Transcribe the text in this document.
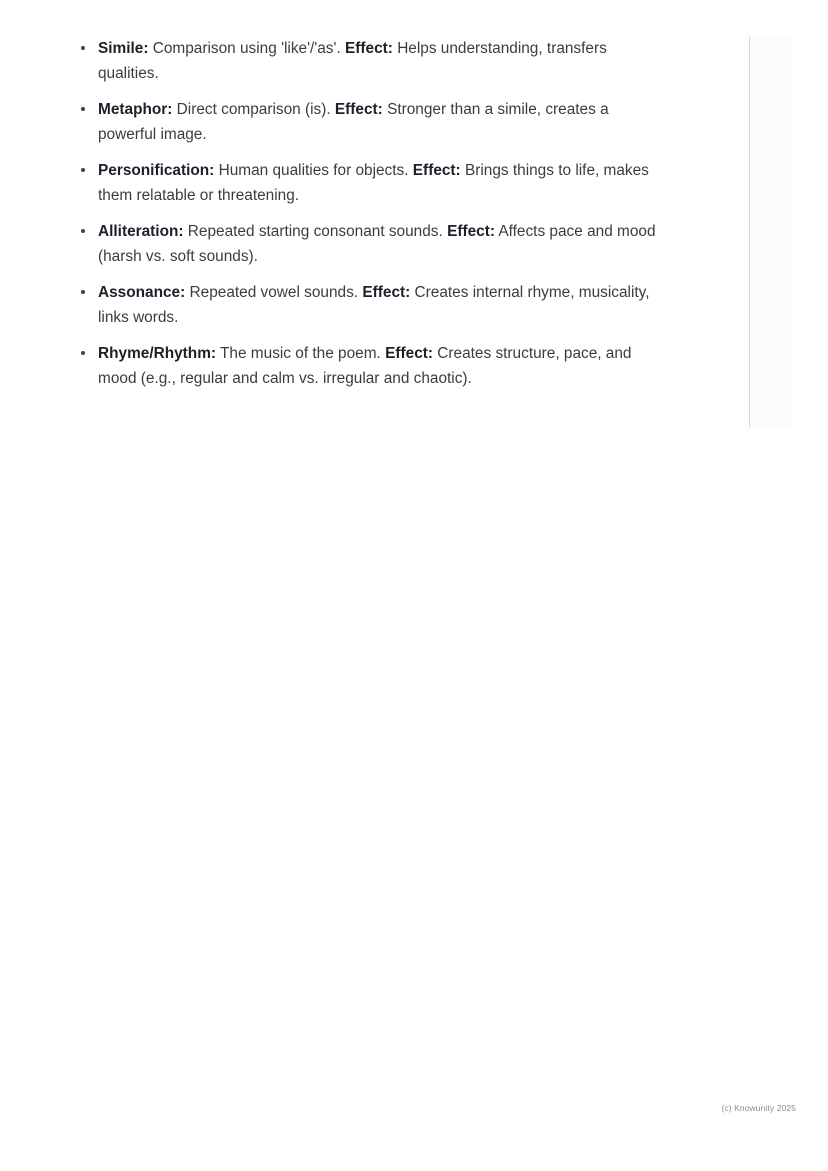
Simile: Comparison using 'like'/'as'. Effect: Helps understanding, transfers qualities.
Metaphor: Direct comparison (is). Effect: Stronger than a simile, creates a powerful image.
Personification: Human qualities for objects. Effect: Brings things to life, makes them relatable or threatening.
Alliteration: Repeated starting consonant sounds. Effect: Affects pace and mood (harsh vs. soft sounds).
Assonance: Repeated vowel sounds. Effect: Creates internal rhyme, musicality, links words.
Rhyme/Rhythm: The music of the poem. Effect: Creates structure, pace, and mood (e.g., regular and calm vs. irregular and chaotic).
(c) Knowunity 2025
